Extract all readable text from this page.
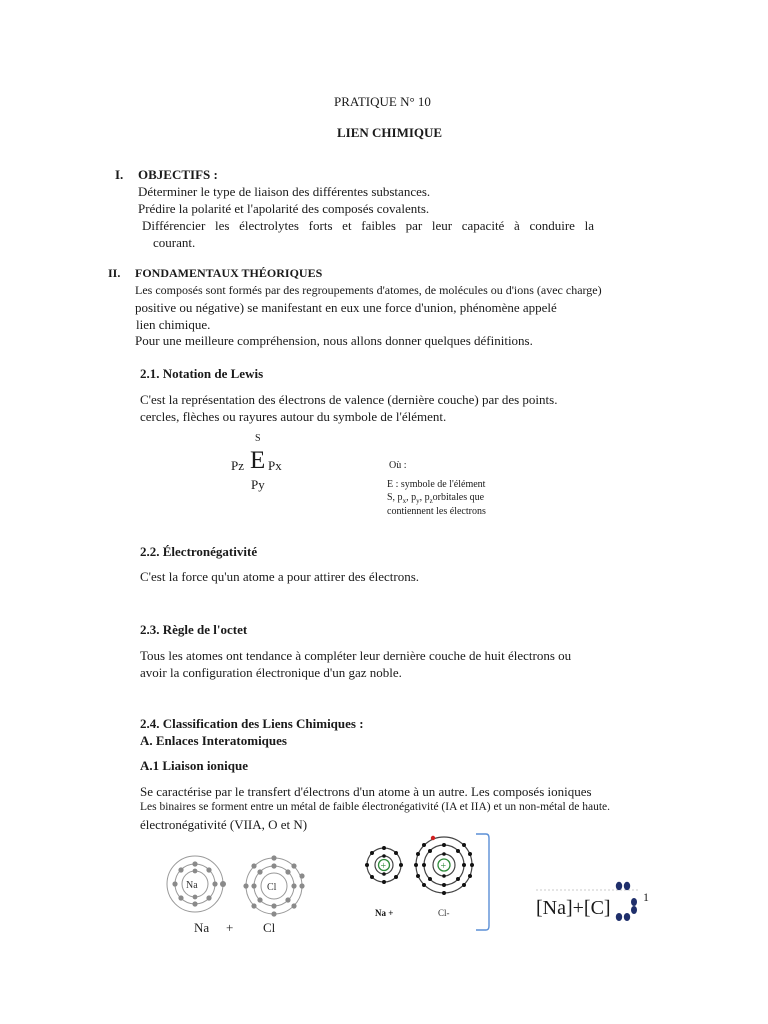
PRATIQUE N° 10
LIEN CHIMIQUE
I. OBJECTIFS :
Déterminer le type de liaison des différentes substances.
Prédire la polarité et l'apolarité des composés covalents.
Différencier les électrolytes forts et faibles par leur capacité à conduire la
courant.
II. FONDAMENTAUX THÉORIQUES
Les composés sont formés par des regroupements d'atomes, de molécules ou d'ions (avec charge)
positive ou négative) se manifestant en eux une force d'union, phénomène appelé
lien chimique.
Pour une meilleure compréhension, nous allons donner quelques définitions.
2.1. Notation de Lewis
C'est la représentation des électrons de valence (dernière couche) par des points.
cercles, flèches ou rayures autour du symbole de l'élément.
S
Pz E Px
Py
Où :
E : symbole de l'élément
S, $p_x$, $p_y$, $p_zorbitales$ que
contiennent les électrons
2.2. Électronégativité
C'est la force qu'un atome a pour attirer des électrons.
2.3. Règle de l'octet
Tous les atomes ont tendance à compléter leur dernière couche de huit électrons ou
avoir la configuration électronique d'un gaz noble.
2.4. Classification des Liens Chimiques :
A. Enlaces Interatomiques
A.1 Liaison ionique
Se caractérise par le transfert d'électrons d'un atome à un autre. Les composés ioniques
Les binaires se forment entre un métal de faible électronégativité (IA et IIA) et un non-métal de haute.
électronégativité (VIIA, O et N)
Na	Cl
Na + Cl
+	+
Na +	Cl-	[Na]+[C]	1
